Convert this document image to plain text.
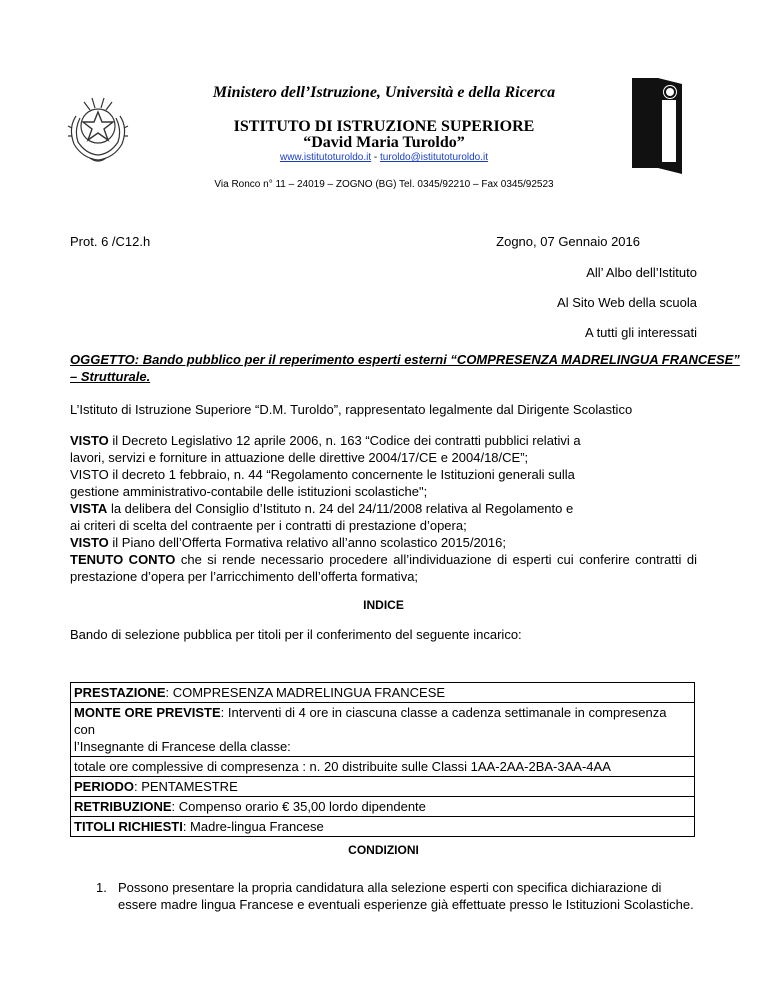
Ministero dell’Istruzione, Università e della Ricerca
ISTITUTO DI ISTRUZIONE SUPERIORE
“David Maria Turoldo”
www.istitutoturoldo.it - turoldo@istitutoturoldo.it
Via Ronco n° 11 – 24019 – ZOGNO (BG) Tel. 0345/92210 – Fax 0345/92523
Prot. 6 /C12.h	Zogno, 07 Gennaio 2016
All’ Albo dell’Istituto
Al Sito Web della scuola
A tutti gli interessati
OGGETTO: Bando pubblico per il reperimento esperti esterni “COMPRESENZA MADRELINGUA FRANCESE”
– Strutturale.
L’Istituto di Istruzione Superiore “D.M. Turoldo”, rappresentato legalmente dal Dirigente Scolastico
VISTO il Decreto Legislativo 12 aprile 2006, n. 163 “Codice dei contratti pubblici relativi a
lavori, servizi e forniture in attuazione delle direttive 2004/17/CE e 2004/18/CE”;
VISTO il decreto 1 febbraio, n. 44 “Regolamento concernente le Istituzioni generali sulla
gestione amministrativo-contabile delle istituzioni scolastiche";
VISTA la delibera del Consiglio d’Istituto n. 24 del 24/11/2008 relativa al Regolamento e
ai criteri di scelta del contraente per i contratti di prestazione d’opera;
VISTO il Piano dell’Offerta Formativa relativo all’anno scolastico 2015/2016;
TENUTO CONTO che si rende necessario procedere all’individuazione di esperti cui conferire contratti di
prestazione d’opera per l’arricchimento dell’offerta formativa;
INDICE
Bando di selezione pubblica per titoli per il conferimento del seguente incarico:
PRESTAZIONE: COMPRESENZA MADRELINGUA FRANCESE
MONTE ORE PREVISTE: Interventi di 4 ore in ciascuna classe a cadenza settimanale in compresenza con
l’Insegnante di Francese della classe:
totale ore complessive di compresenza : n. 20 distribuite sulle Classi 1AA-2AA-2BA-3AA-4AA
PERIODO: PENTAMESTRE
RETRIBUZIONE: Compenso orario € 35,00 lordo dipendente
TITOLI RICHIESTI: Madre-lingua Francese
CONDIZIONI
1. Possono presentare la propria candidatura alla selezione esperti con specifica dichiarazione di
essere madre lingua Francese e eventuali esperienze già effettuate presso le Istituzioni Scolastiche.
